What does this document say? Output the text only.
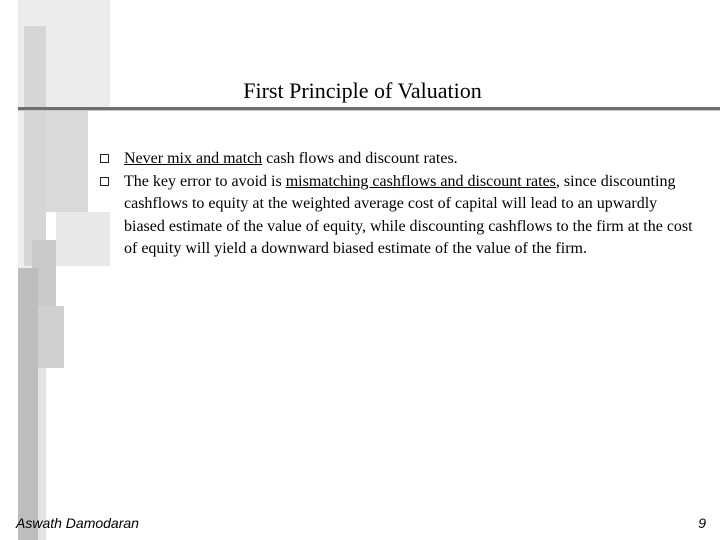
First Principle of Valuation
Never mix and match cash flows and discount rates.
The key error to avoid is mismatching cashflows and discount rates, since discounting cashflows to equity at the weighted average cost of capital will lead to an upwardly biased estimate of the value of equity, while discounting cashflows to the firm at the cost of equity will yield a downward biased estimate of the value of the firm.
Aswath Damodaran	9
